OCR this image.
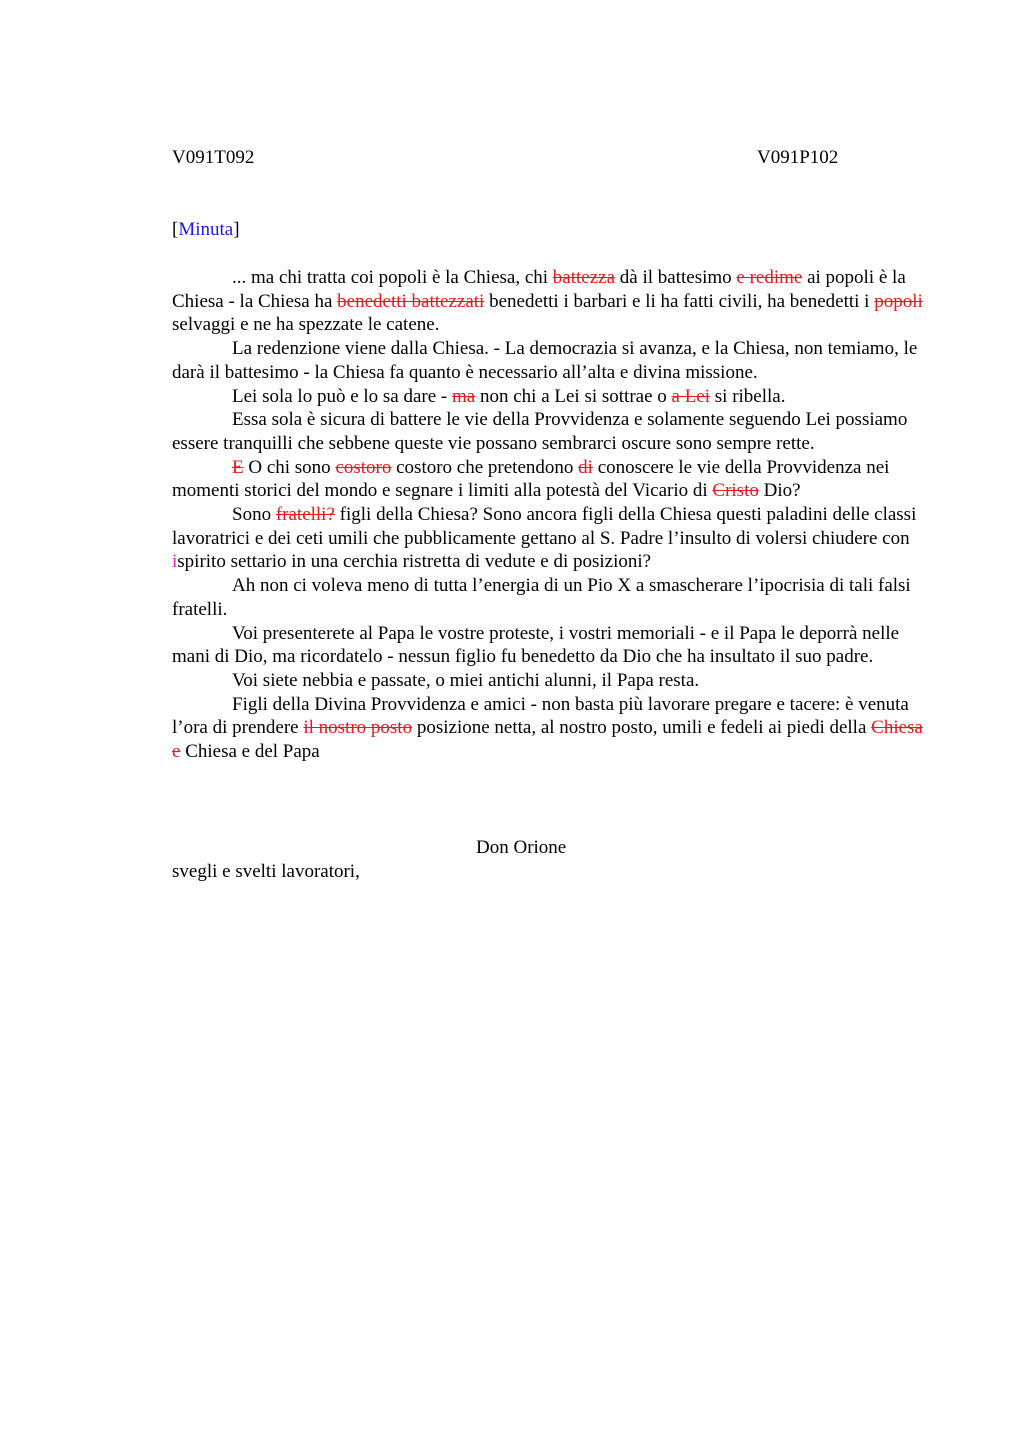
V091T092	V091P102
[Minuta]

... ma chi tratta coi popoli è la Chiesa, chi battezza dà il battesimo e redime ai popoli è la Chiesa - la Chiesa ha benedetti battezzati benedetti i barbari e li ha fatti civili, ha benedetti i popoli selvaggi e ne ha spezzate le catene.

La redenzione viene dalla Chiesa. - La democrazia si avanza, e la Chiesa, non temiamo, le darà il battesimo - la Chiesa fa quanto è necessario all’alta e divina missione.

Lei sola lo può e lo sa dare - ma non chi a Lei si sottrae o a Lei si ribella.

Essa sola è sicura di battere le vie della Provvidenza e solamente seguendo Lei possiamo essere tranquilli che sebbene queste vie possano sembrarci oscure sono sempre rette.

E O chi sono costoro costoro che pretendono di conoscere le vie della Provvidenza nei momenti storici del mondo e segnare i limiti alla potestà del Vicario di Cristo Dio?

Sono fratelli? figli della Chiesa? Sono ancora figli della Chiesa questi paladini delle classi lavoratrici e dei ceti umili che pubblicamente gettano al S. Padre l’insulto di volersi chiudere con ispirito settario in una cerchia ristretta di vedute e di posizioni?

Ah non ci voleva meno di tutta l’energia di un Pio X a smascherare l’ipocrisia di tali falsi fratelli.

Voi presenterete al Papa le vostre proteste, i vostri memoriali - e il Papa le deporrà nelle mani di Dio, ma ricordatelo - nessun figlio fu benedetto da Dio che ha insultato il suo padre.

Voi siete nebbia e passate, o miei antichi alunni, il Papa resta.

Figli della Divina Provvidenza e amici - non basta più lavorare pregare e tacere: è venuta l’ora di prendere il nostro posto posizione netta, al nostro posto, umili e fedeli ai piedi della Chiesa e Chiesa e del Papa

Don Orione
svegli e svelti lavoratori,
